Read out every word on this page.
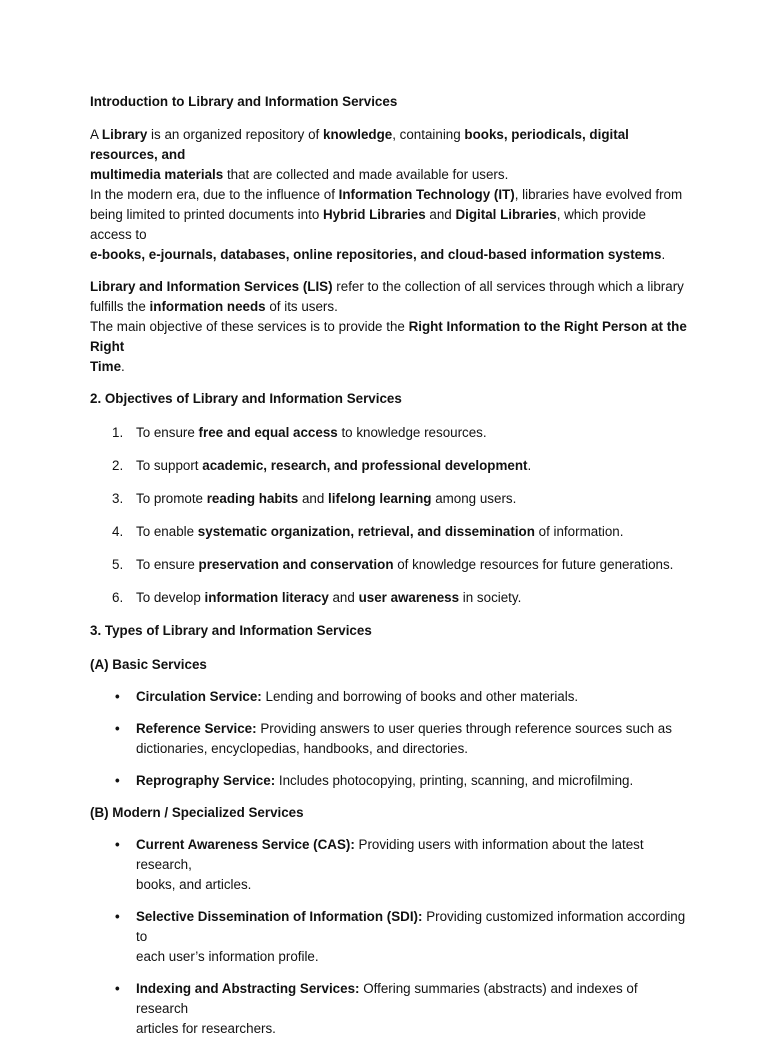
Introduction to Library and Information Services

A Library is an organized repository of knowledge, containing books, periodicals, digital resources, and

multimedia materials that are collected and made available for users.

In the modern era, due to the influence of Information Technology (IT), libraries have evolved from

being limited to printed documents into Hybrid Libraries and Digital Libraries, which provide access to

e-books, e-journals, databases, online repositories, and cloud-based information systems.

Library and Information Services (LIS) refer to the collection of all services through which a library

fulfills the information needs of its users.

The main objective of these services is to provide the Right Information to the Right Person at the Right

Time.

2. Objectives of Library and Information Services

1. To ensure free and equal access to knowledge resources.
2. To support academic, research, and professional development.
3. To promote reading habits and lifelong learning among users.
4. To enable systematic organization, retrieval, and dissemination of information.
5. To ensure preservation and conservation of knowledge resources for future generations.
6. To develop information literacy and user awareness in society.

3. Types of Library and Information Services

(A) Basic Services

• Circulation Service: Lending and borrowing of books and other materials.
• Reference Service: Providing answers to user queries through reference sources such as
dictionaries, encyclopedias, handbooks, and directories.
• Reprography Service: Includes photocopying, printing, scanning, and microfilming.

(B) Modern / Specialized Services

• Current Awareness Service (CAS): Providing users with information about the latest research,
books, and articles.
• Selective Dissemination of Information (SDI): Providing customized information according to
each user’s information profile.
• Indexing and Abstracting Services: Offering summaries (abstracts) and indexes of research
articles for researchers.
